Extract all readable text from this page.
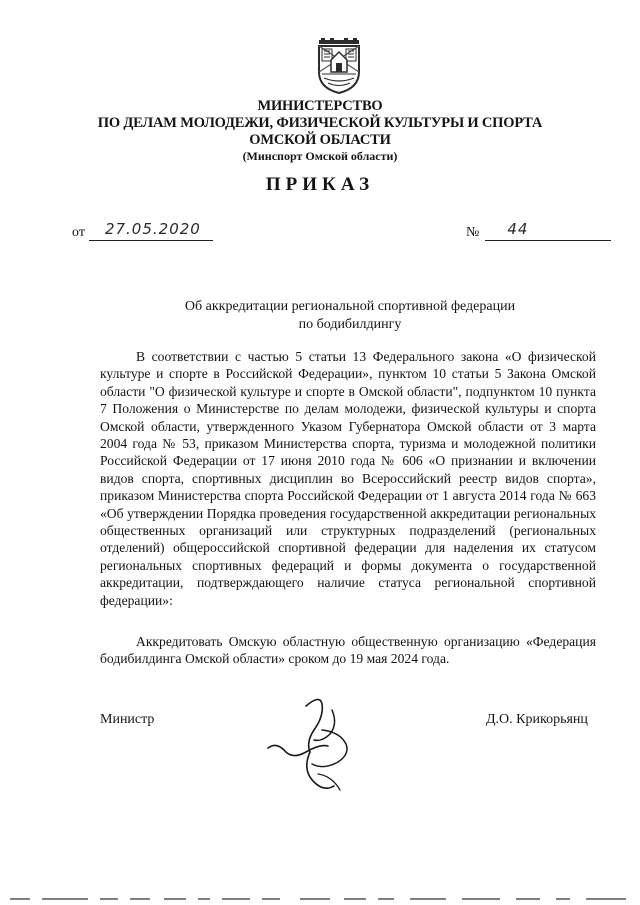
МИНИСТЕРСТВО
ПО ДЕЛАМ МОЛОДЕЖИ, ФИЗИЧЕСКОЙ КУЛЬТУРЫ И СПОРТА
ОМСКОЙ ОБЛАСТИ
(Минспорт Омской области)
ПРИКАЗ
от 27.05.2020	№ 44
Об аккредитации региональной спортивной федерации
по бодибилдингу
В соответствии с частью 5 статьи 13 Федерального закона «О физической культуре и спорте в Российской Федерации», пунктом 10 статьи 5 Закона Омской области "О физической культуре и спорте в Омской области", подпунктом 10 пункта 7 Положения о Министерстве по делам молодежи, физической культуры и спорта Омской области, утвержденного Указом Губернатора Омской области от 3 марта 2004 года № 53, приказом Министерства спорта, туризма и молодежной политики Российской Федерации от 17 июня 2010 года № 606 «О признании и включении видов спорта, спортивных дисциплин во Всероссийский реестр видов спорта», приказом Министерства спорта Российской Федерации от 1 августа 2014 года № 663 «Об утверждении Порядка проведения государственной аккредитации региональных общественных организаций или структурных подразделений (региональных отделений) общероссийской спортивной федерации для наделения их статусом региональных спортивных федераций и формы документа о государственной аккредитации, подтверждающего наличие статуса региональной спортивной федерации»:
Аккредитовать Омскую областную общественную организацию «Федерация бодибилдинга Омской области» сроком до 19 мая 2024 года.
Министр	Д.О. Крикорьянц
